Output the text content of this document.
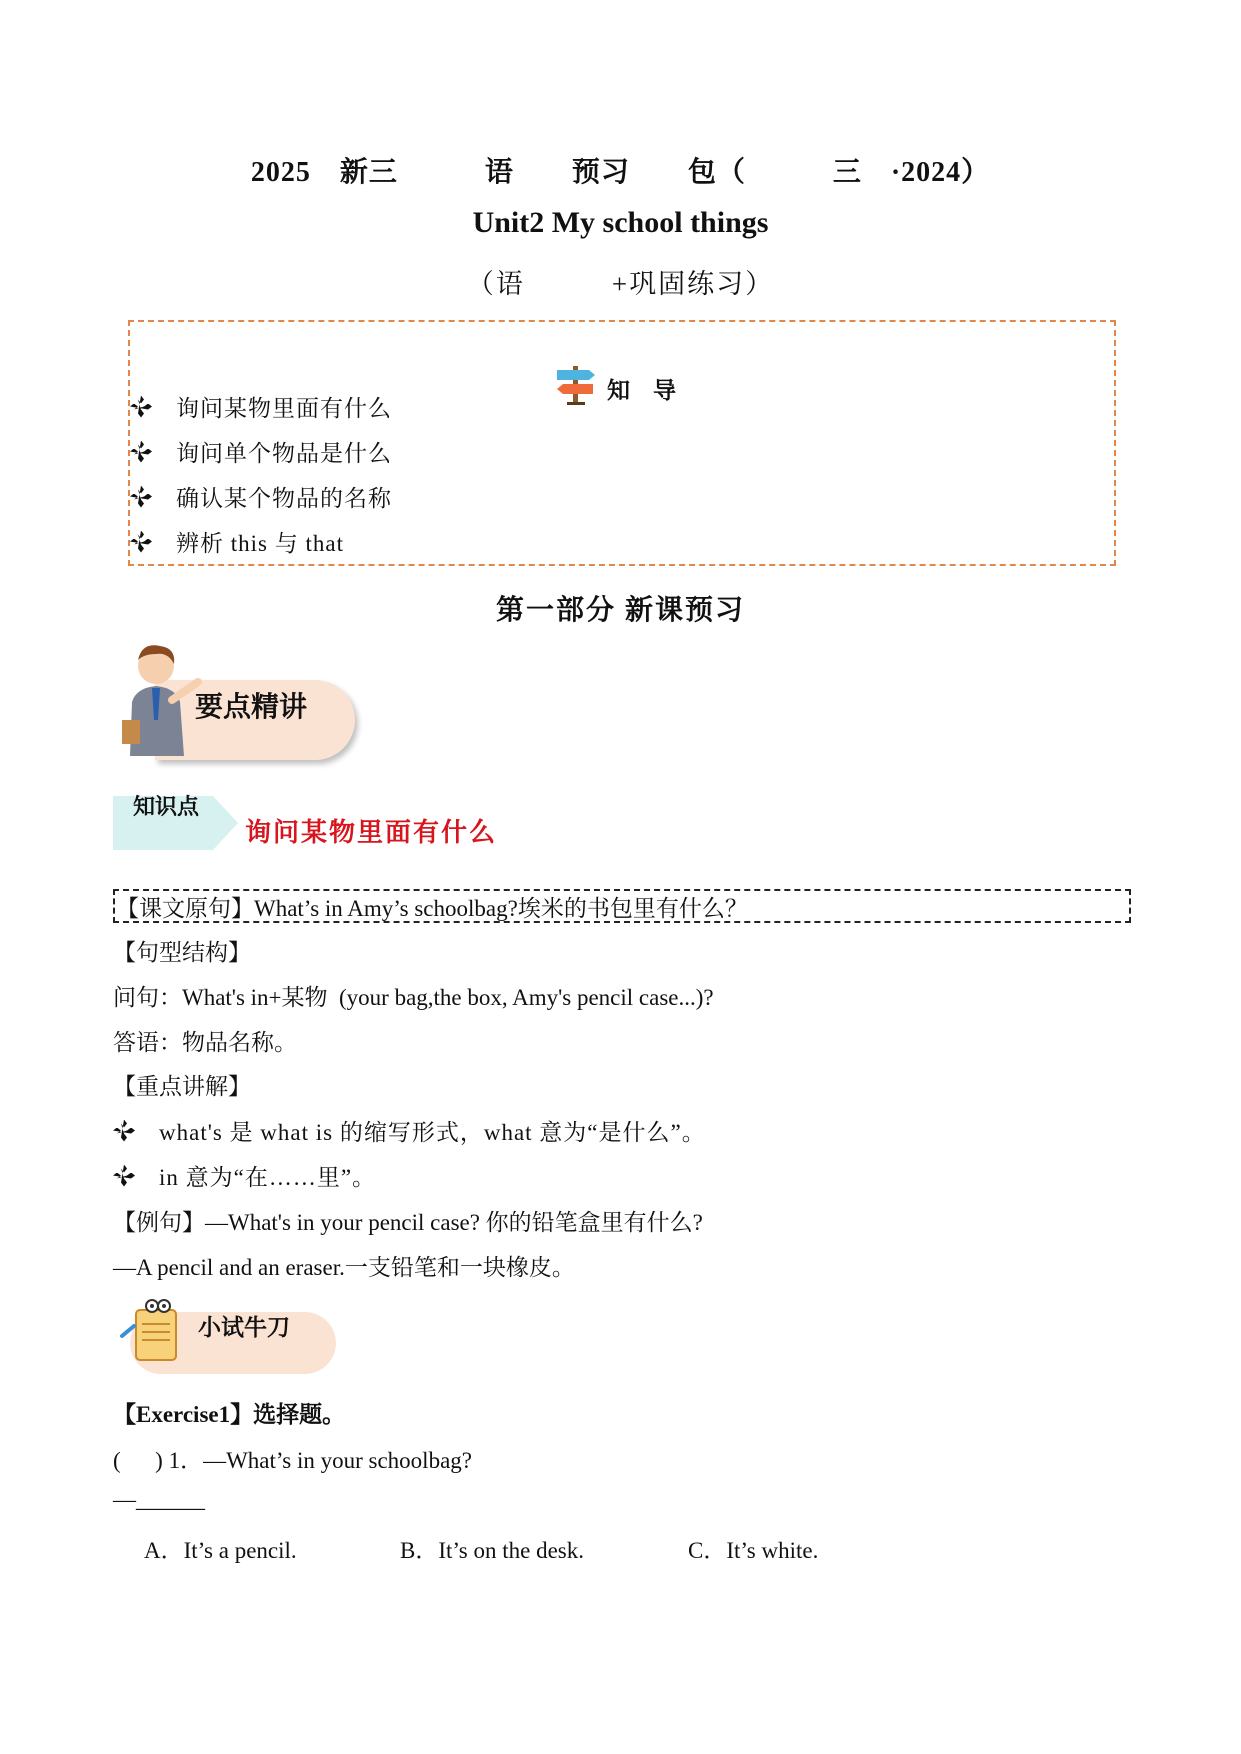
2025　新三　　　语　　预习　　包（　　　三　·2024）
Unit2 My school things
（语　　　+巩固练习）

知　导
询问某物里面有什么
询问单个物品是什么
确认某个物品的名称
辨析 this 与 that
第一部分 新课预习
要点精讲
知识点
询问某物里面有什么
【课文原句】What’s in Amy’s schoolbag?埃米的书包里有什么？
【句型结构】
问句：What's in+某物  (your bag,the box, Amy's pencil case...)?
答语：物品名称。
【重点讲解】
what's 是 what is 的缩写形式，what 意为“是什么”。
in 意为“在……里”。
【例句】—What's in your pencil case? 你的铅笔盒里有什么?
—A pencil and an eraser.一支铅笔和一块橡皮。
小试牛刀
【Exercise1】选择题。
(　  ) 1．—What’s in your schoolbag?
—______
A．It’s a pencil.	B．It’s on the desk.	C．It’s white.
